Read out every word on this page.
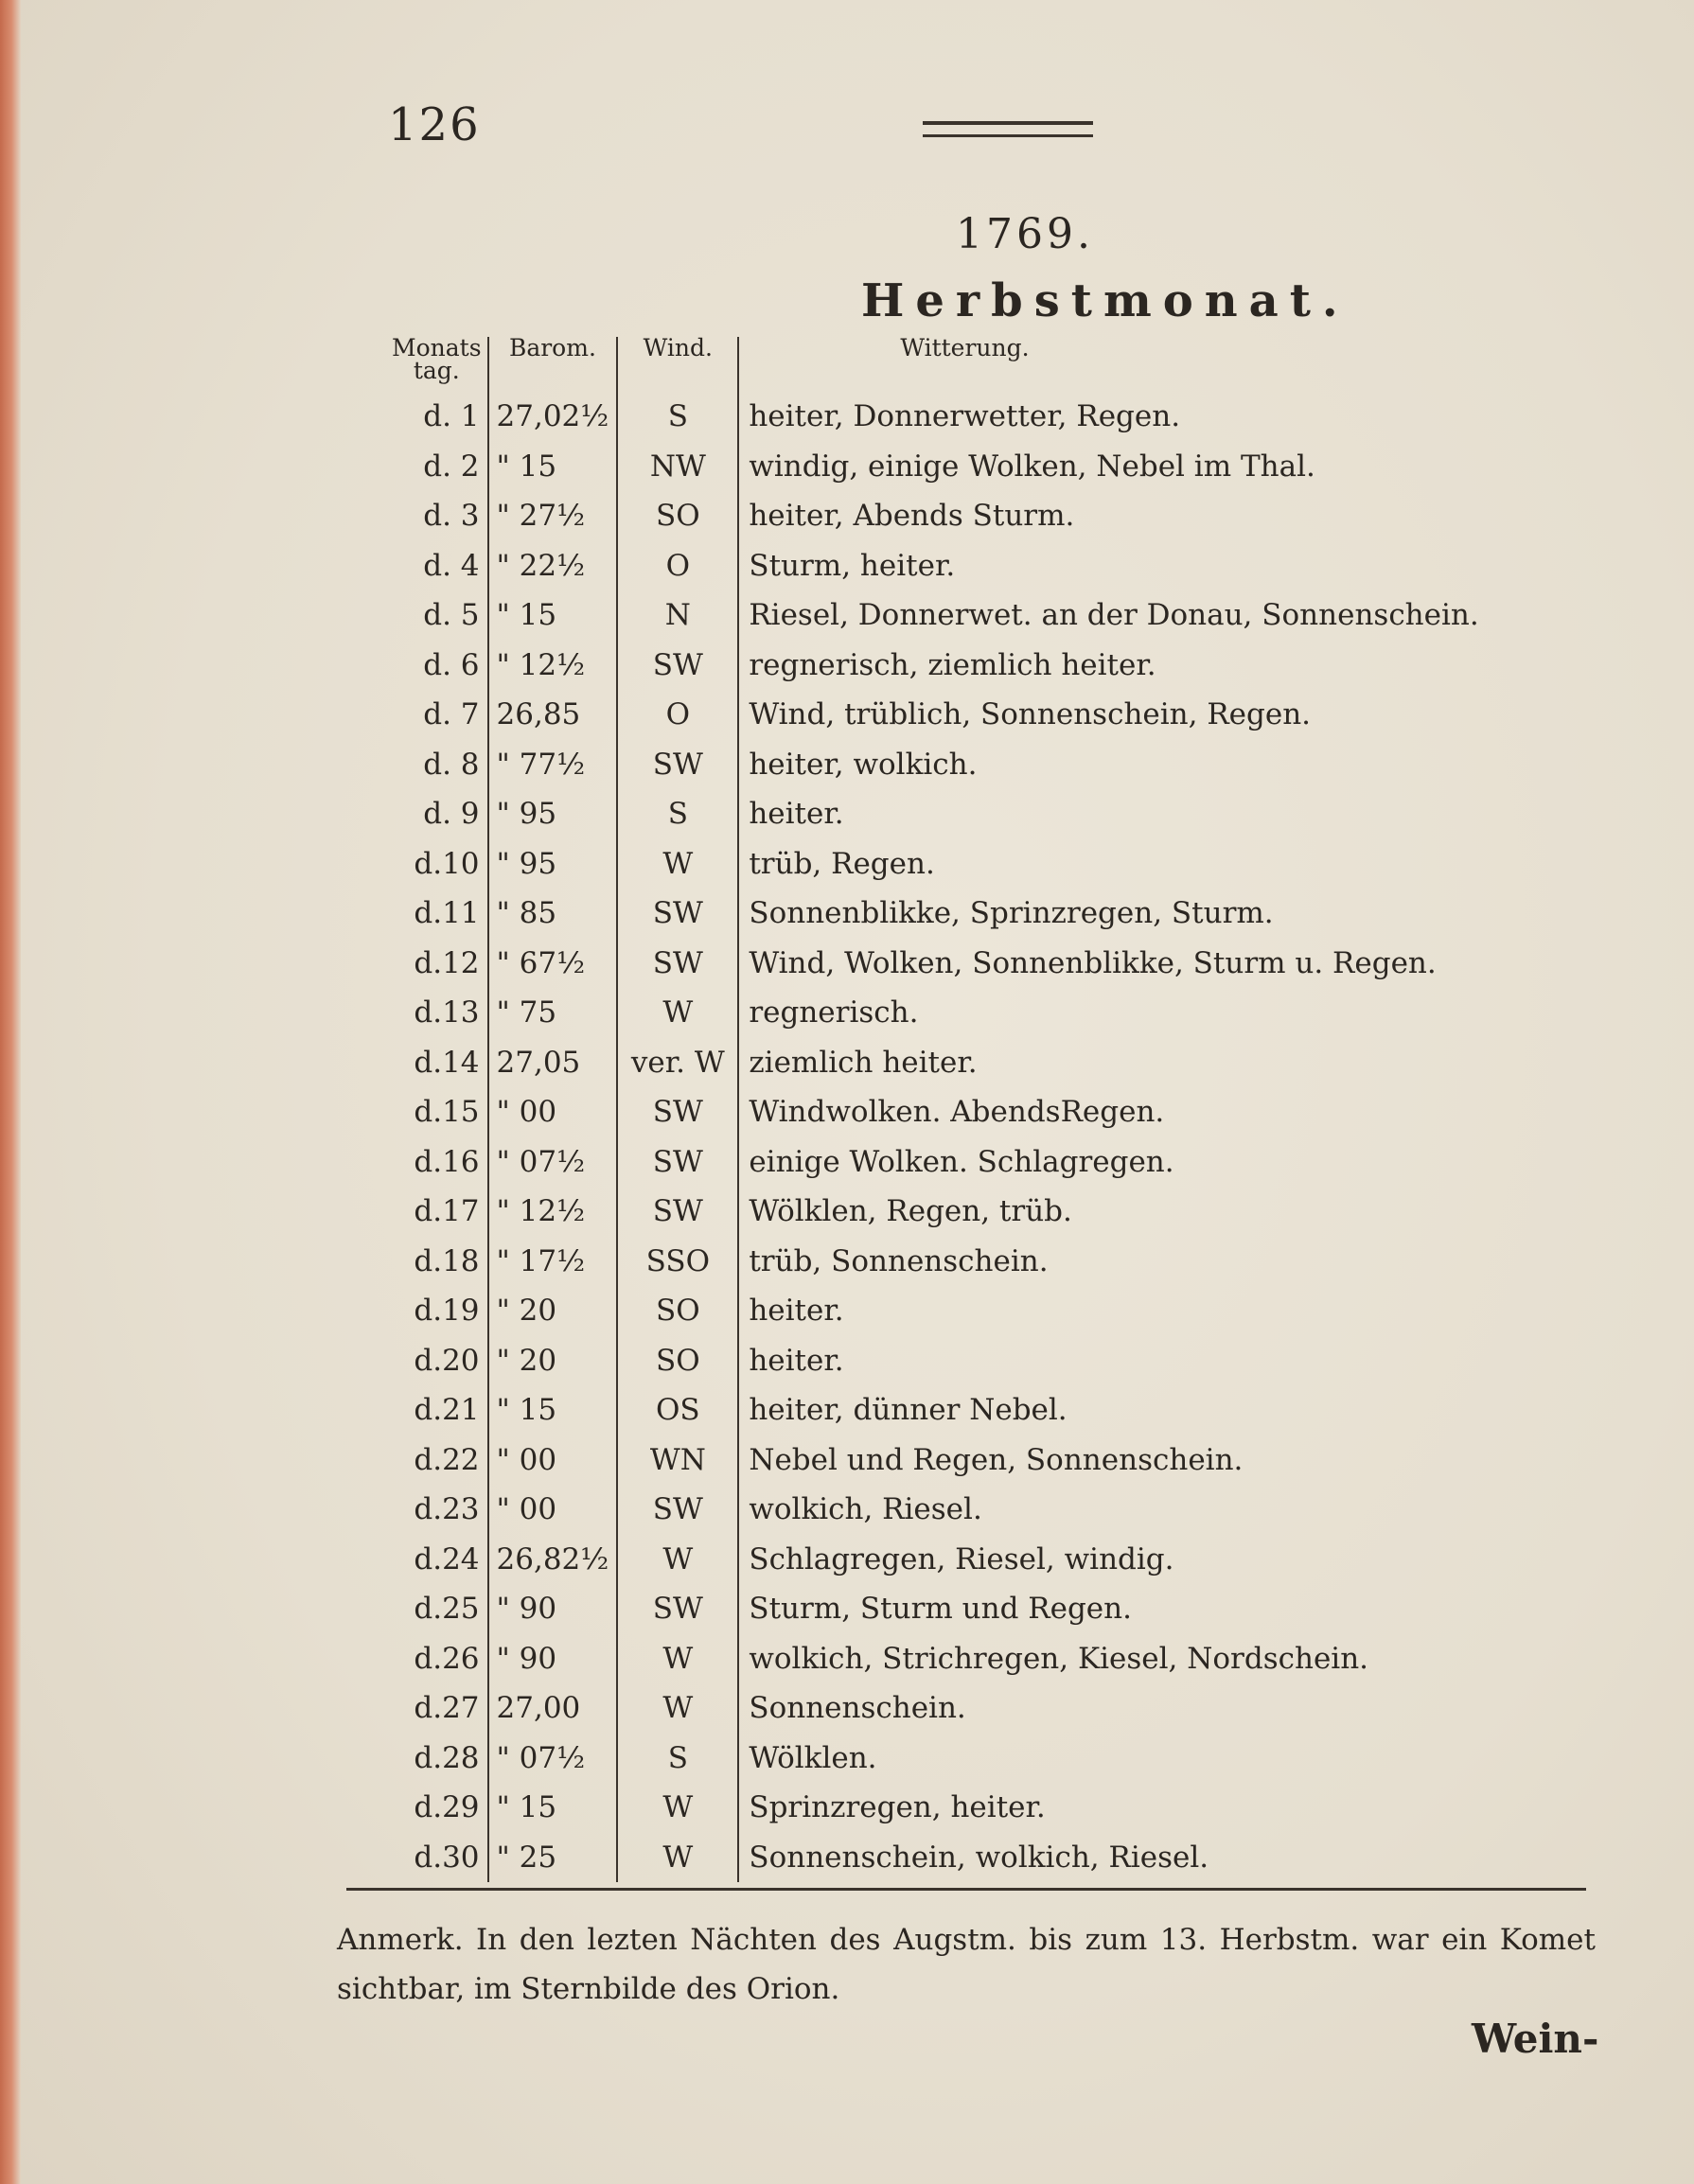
126
1769.
Herbstmonat.
Monats tag.	Barom.	Wind.	Witterung.
d. 1	27,02½	S	heiter, Donnerwetter, Regen.
d. 2	" 15	NW	windig, einige Wolken, Nebel im Thal.
d. 3	" 27½	SO	heiter, Abends Sturm.
d. 4	" 22½	O	Sturm, heiter.
d. 5	" 15	N	Riesel, Donnerwet. an der Donau, Sonnenschein.
d. 6	" 12½	SW	regnerisch, ziemlich heiter.
d. 7	26,85	O	Wind, trüblich, Sonnenschein, Regen.
d. 8	" 77½	SW	heiter, wolkich.
d. 9	" 95	S	heiter.
d.10	" 95	W	trüb, Regen.
d.11	" 85	SW	Sonnenblikke, Sprinzregen, Sturm.
d.12	" 67½	SW	Wind, Wolken, Sonnenblikke, Sturm u. Regen.
d.13	" 75	W	regnerisch.
d.14	27,05	ver. W	ziemlich heiter.
d.15	" 00	SW	Windwolken. AbendsRegen.
d.16	" 07½	SW	einige Wolken. Schlagregen.
d.17	" 12½	SW	Wölklen, Regen, trüb.
d.18	" 17½	SSO	trüb, Sonnenschein.
d.19	" 20	SO	heiter.
d.20	" 20	SO	heiter.
d.21	" 15	OS	heiter, dünner Nebel.
d.22	" 00	WN	Nebel und Regen, Sonnenschein.
d.23	" 00	SW	wolkich, Riesel.
d.24	26,82½	W	Schlagregen, Riesel, windig.
d.25	" 90	SW	Sturm, Sturm und Regen.
d.26	" 90	W	wolkich, Strichregen, Kiesel, Nordschein.
d.27	27,00	W	Sonnenschein.
d.28	" 07½	S	Wölklen.
d.29	" 15	W	Sprinzregen, heiter.
d.30	" 25	W	Sonnenschein, wolkich, Riesel.
Anmerk. In den lezten Nächten des Augstm. bis zum 13. Herbstm. war ein Komet sichtbar, im Sternbilde des Orion.
Wein-
